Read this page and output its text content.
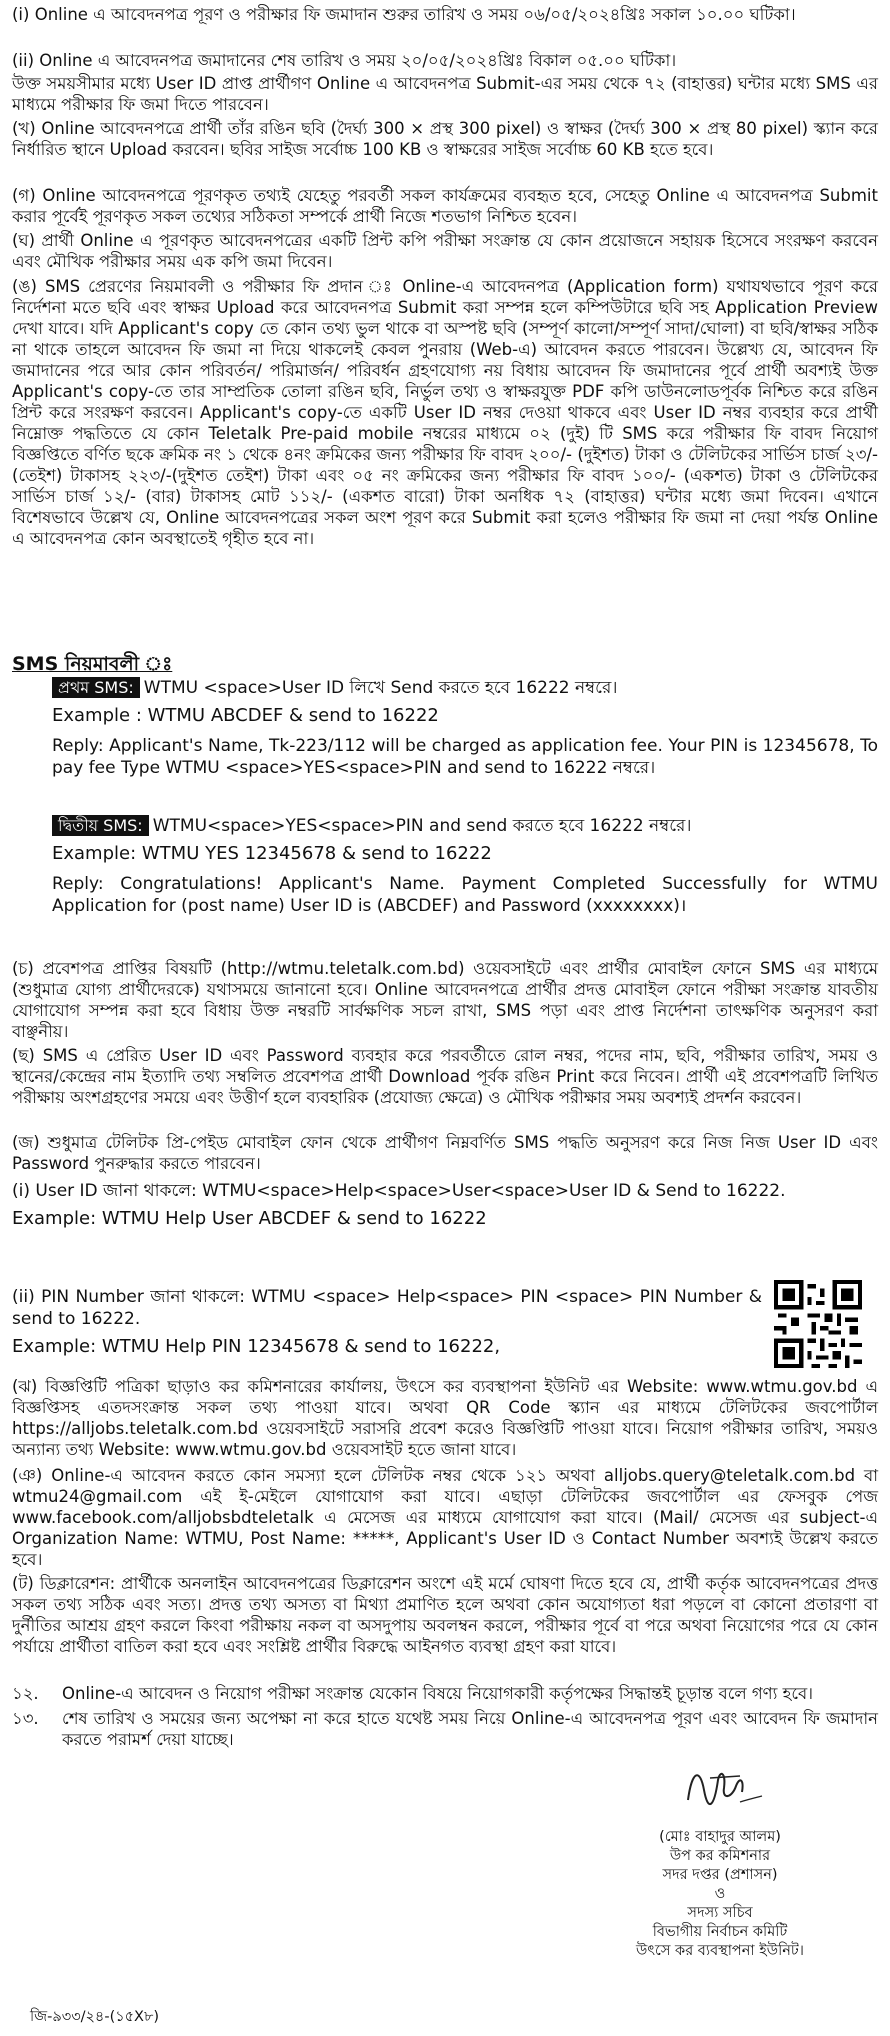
(i) Online এ আবেদনপত্র পূরণ ও পরীক্ষার ফি জমাদান শুরুর তারিখ ও সময় ০৬/০৫/২০২৪খ্রিঃ সকাল ১০.০০ ঘটিকা।

(ii) Online এ আবেদনপত্র জমাদানের শেষ তারিখ ও সময় ২০/০৫/২০২৪খ্রিঃ বিকাল ০৫.০০ ঘটিকা।

উক্ত সময়সীমার মধ্যে User ID প্রাপ্ত প্রার্থীগণ Online এ আবেদনপত্র Submit-এর সময় থেকে ৭২ (বাহাত্তর) ঘন্টার মধ্যে SMS এর মাধ্যমে পরীক্ষার ফি জমা দিতে পারবেন।

(খ) Online আবেদনপত্রে প্রার্থী তাঁর রঙিন ছবি (দৈর্ঘ্য 300 × প্রস্থ 300 pixel) ও স্বাক্ষর (দৈর্ঘ্য 300 × প্রস্থ 80 pixel) স্ক্যান করে নির্ধারিত স্থানে Upload করবেন। ছবির সাইজ সর্বোচ্চ 100 KB ও স্বাক্ষরের সাইজ সর্বোচ্চ 60 KB হতে হবে।

(গ) Online আবেদনপত্রে পূরণকৃত তথ্যই যেহেতু পরবর্তী সকল কার্যক্রমের ব্যবহৃত হবে, সেহেতু Online এ আবেদনপত্র Submit করার পূর্বেই পূরণকৃত সকল তথ্যের সঠিকতা সম্পর্কে প্রার্থী নিজে শতভাগ নিশ্চিত হবেন।

(ঘ) প্রার্থী Online এ পূরণকৃত আবেদনপত্রের একটি প্রিন্ট কপি পরীক্ষা সংক্রান্ত যে কোন প্রয়োজনে সহায়ক হিসেবে সংরক্ষণ করবেন এবং মৌখিক পরীক্ষার সময় এক কপি জমা দিবেন।

(ঙ) SMS প্রেরণের নিয়মাবলী ও পরীক্ষার ফি প্রদান ঃ Online-এ আবেদনপত্র (Application form) যথাযথভাবে পূরণ করে নির্দেশনা মতে ছবি এবং স্বাক্ষর Upload করে আবেদনপত্র Submit করা সম্পন্ন হলে কম্পিউটারে ছবি সহ Application Preview দেখা যাবে। যদি Applicant's copy তে কোন তথ্য ভুল থাকে বা অস্পষ্ট ছবি (সম্পূর্ণ কালো/সম্পূর্ণ সাদা/ঘোলা) বা ছবি/স্বাক্ষর সঠিক না থাকে তাহলে আবেদন ফি জমা না দিয়ে থাকলেই কেবল পুনরায় (Web-এ) আবেদন করতে পারবেন। উল্লেখ্য যে, আবেদন ফি জমাদানের পরে আর কোন পরিবর্তন/ পরিমার্জন/ পরিবর্ধন গ্রহণযোগ্য নয় বিধায় আবেদন ফি জমাদানের পূর্বে প্রার্থী অবশ্যই উক্ত Applicant's copy-তে তার সাম্প্রতিক তোলা রঙিন ছবি, নির্ভুল তথ্য ও স্বাক্ষরযুক্ত PDF কপি ডাউনলোডপূর্বক নিশ্চিত করে রঙিন প্রিন্ট করে সংরক্ষণ করবেন। Applicant's copy-তে একটি User ID নম্বর দেওয়া থাকবে এবং User ID নম্বর ব্যবহার করে প্রার্থী নিম্নোক্ত পদ্ধতিতে যে কোন Teletalk Pre-paid mobile নম্বরের মাধ্যমে ০২ (দুই) টি SMS করে পরীক্ষার ফি বাবদ নিয়োগ বিজ্ঞপ্তিতে বর্ণিত ছকে ক্রমিক নং ১ থেকে ৪নং ক্রমিকের জন্য পরীক্ষার ফি বাবদ ২০০/- (দুইশত) টাকা ও টেলিটকের সার্ভিস চার্জ ২৩/- (তেইশ) টাকাসহ ২২৩/-(দুইশত তেইশ) টাকা এবং ০৫ নং ক্রমিকের জন্য পরীক্ষার ফি বাবদ ১০০/- (একশত) টাকা ও টেলিটকের সার্ভিস চার্জ ১২/- (বার) টাকাসহ মোট ১১২/- (একশত বারো) টাকা অনধিক ৭২ (বাহাত্তর) ঘন্টার মধ্যে জমা দিবেন। এখানে বিশেষভাবে উল্লেখ যে, Online আবেদনপত্রের সকল অংশ পূরণ করে Submit করা হলেও পরীক্ষার ফি জমা না দেয়া পর্যন্ত Online এ আবেদনপত্র কোন অবস্থাতেই গৃহীত হবে না।

SMS নিয়মাবলী ঃ
প্রথম SMS: WTMU <space>User ID লিখে Send করতে হবে 16222 নম্বরে।
Example : WTMU ABCDEF & send to 16222
Reply: Applicant's Name, Tk-223/112 will be charged as application fee. Your PIN is 12345678, To pay fee Type WTMU <space>YES<space>PIN and send to 16222 নম্বরে।
দ্বিতীয় SMS: WTMU<space>YES<space>PIN and send করতে হবে 16222 নম্বরে।
Example: WTMU YES 12345678 & send to 16222
Reply: Congratulations! Applicant's Name. Payment Completed Successfully for WTMU Application for (post name) User ID is (ABCDEF) and Password (xxxxxxxx)।

(চ) প্রবেশপত্র প্রাপ্তির বিষয়টি (http://wtmu.teletalk.com.bd) ওয়েবসাইটে এবং প্রার্থীর মোবাইল ফোনে SMS এর মাধ্যমে (শুধুমাত্র যোগ্য প্রার্থীদেরকে) যথাসময়ে জানানো হবে। Online আবেদনপত্রে প্রার্থীর প্রদত্ত মোবাইল ফোনে পরীক্ষা সংক্রান্ত যাবতীয় যোগাযোগ সম্পন্ন করা হবে বিধায় উক্ত নম্বরটি সার্বক্ষণিক সচল রাখা, SMS পড়া এবং প্রাপ্ত নির্দেশনা তাৎক্ষণিক অনুসরণ করা বাঞ্ছনীয়।

(ছ) SMS এ প্রেরিত User ID এবং Password ব্যবহার করে পরবর্তীতে রোল নম্বর, পদের নাম, ছবি, পরীক্ষার তারিখ, সময় ও স্থানের/কেন্দ্রের নাম ইত্যাদি তথ্য সম্বলিত প্রবেশপত্র প্রার্থী Download পূর্বক রঙিন Print করে নিবেন। প্রার্থী এই প্রবেশপত্রটি লিখিত পরীক্ষায় অংশগ্রহণের সময়ে এবং উত্তীর্ণ হলে ব্যবহারিক (প্রযোজ্য ক্ষেত্রে) ও মৌখিক পরীক্ষার সময় অবশ্যই প্রদর্শন করবেন।

(জ) শুধুমাত্র টেলিটক প্রি-পেইড মোবাইল ফোন থেকে প্রার্থীগণ নিম্নবর্ণিত SMS পদ্ধতি অনুসরণ করে নিজ নিজ User ID এবং Password পুনরুদ্ধার করতে পারবেন।

(i) User ID জানা থাকলে: WTMU<space>Help<space>User<space>User ID & Send to 16222.
Example: WTMU Help User ABCDEF & send to 16222
(ii) PIN Number জানা থাকলে: WTMU <space> Help<space> PIN <space> PIN Number & send to 16222.
Example: WTMU Help PIN 12345678 & send to 16222,

(ঝ) বিজ্ঞপ্তিটি পত্রিকা ছাড়াও কর কমিশনারের কার্যালয়, উৎসে কর ব্যবস্থাপনা ইউনিট এর Website: www.wtmu.gov.bd এ বিজ্ঞপ্তিসহ এতদসংক্রান্ত সকল তথ্য পাওয়া যাবে। অথবা QR Code স্ক্যান এর মাধ্যমে টেলিটকের জবপোর্টাল https://alljobs.teletalk.com.bd ওয়েবসাইটে সরাসরি প্রবেশ করেও বিজ্ঞপ্তিটি পাওয়া যাবে। নিয়োগ পরীক্ষার তারিখ, সময়ও অন্যান্য তথ্য Website: www.wtmu.gov.bd ওয়েবসাইট হতে জানা যাবে।

(ঞ) Online-এ আবেদন করতে কোন সমস্যা হলে টেলিটক নম্বর থেকে ১২১ অথবা alljobs.query@teletalk.com.bd বা wtmu24@gmail.com এই ই-মেইলে যোগাযোগ করা যাবে। এছাড়া টেলিটকের জবপোর্টাল এর ফেসবুক পেজ www.facebook.com/alljobsbdteletalk এ মেসেজ এর মাধ্যমে যোগাযোগ করা যাবে। (Mail/ মেসেজ এর subject-এ Organization Name: WTMU, Post Name: *****, Applicant's User ID ও Contact Number অবশ্যই উল্লেখ করতে হবে।

(ট) ডিক্লারেশন: প্রার্থীকে অনলাইন আবেদনপত্রের ডিক্লারেশন অংশে এই মর্মে ঘোষণা দিতে হবে যে, প্রার্থী কর্তৃক আবেদনপত্রের প্রদত্ত সকল তথ্য সঠিক এবং সত্য। প্রদত্ত তথ্য অসত্য বা মিথ্যা প্রমাণিত হলে অথবা কোন অযোগ্যতা ধরা পড়লে বা কোনো প্রতারণা বা দুর্নীতির আশ্রয় গ্রহণ করলে কিংবা পরীক্ষায় নকল বা অসদুপায় অবলম্বন করলে, পরীক্ষার পূর্বে বা পরে অথবা নিয়োগের পরে যে কোন পর্যায়ে প্রার্থীতা বাতিল করা হবে এবং সংশ্লিষ্ট প্রার্থীর বিরুদ্ধে আইনগত ব্যবস্থা গ্রহণ করা যাবে।

১২. Online-এ আবেদন ও নিয়োগ পরীক্ষা সংক্রান্ত যেকোন বিষয়ে নিয়োগকারী কর্তৃপক্ষের সিদ্ধান্তই চূড়ান্ত বলে গণ্য হবে।
১৩. শেষ তারিখ ও সময়ের জন্য অপেক্ষা না করে হাতে যথেষ্ট সময় নিয়ে Online-এ আবেদনপত্র পূরণ এবং আবেদন ফি জমাদান করতে পরামর্শ দেয়া যাচ্ছে।
(মোঃ বাহাদুর আলম)
উপ কর কমিশনার
সদর দপ্তর (প্রশাসন)
ও
সদস্য সচিব
বিভাগীয় নির্বাচন কমিটি
উৎসে কর ব্যবস্থাপনা ইউনিট।
জি-৯৩৩/২৪-(১৫X৮)
